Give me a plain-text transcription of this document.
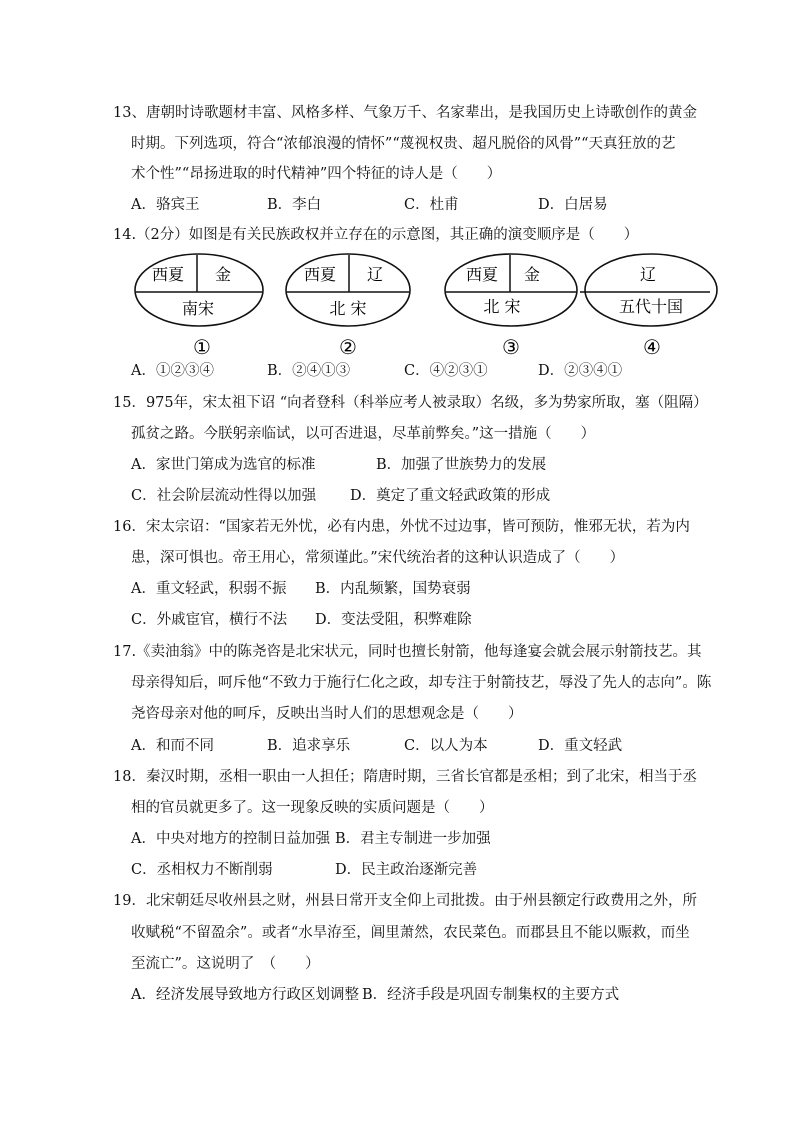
13、唐朝时诗歌题材丰富、风格多样、气象万千、名家辈出，是我国历史上诗歌创作的黄金
时期。下列选项，符合“浓郁浪漫的情怀”“蔑视权贵、超凡脱俗的风骨”“天真狂放的艺
术个性”“昂扬进取的时代精神”四个特征的诗人是（　　）
A．骆宾王	B．李白	C．杜甫	D．白居易
14.（2分）如图是有关民族政权并立存在的示意图，其正确的演变顺序是（　　）
西夏 金
南宋
①
西夏 辽
北 宋
②
西夏 金
北 宋
③
辽
五代十国
④
A．①②③④	B．②④①③	C．④②③①	D．②③④①
15．975年，宋太祖下诏 “向者登科（科举应考人被录取）名级，多为势家所取，塞（阻隔）
孤贫之路。今朕躬亲临试，以可否进退，尽革前弊矣。”这一措施（　　）
A．家世门第成为选官的标准	B．加强了世族势力的发展
C．社会阶层流动性得以加强 D．奠定了重文轻武政策的形成
16．宋太宗诏：“国家若无外忧，必有内患，外忧不过边事，皆可预防，惟邪无状，若为内
患，深可惧也。帝王用心，常须谨此。”宋代统治者的这种认识造成了（　　）
A．重文轻武，积弱不振 B．内乱频繁，国势衰弱
C．外戚宦官，横行不法 D．变法受阻，积弊难除
17.《卖油翁》中的陈尧咨是北宋状元，同时也擅长射箭，他每逢宴会就会展示射箭技艺。其
母亲得知后，呵斥他“不致力于施行仁化之政，却专注于射箭技艺，辱没了先人的志向”。陈
尧咨母亲对他的呵斥，反映出当时人们的思想观念是（　　）
A．和而不同	B．追求享乐	C．以人为本	D．重文轻武
18．秦汉时期，丞相一职由一人担任；隋唐时期，三省长官都是丞相；到了北宋，相当于丞
相的官员就更多了。这一现象反映的实质问题是（　　）
A．中央对地方的控制日益加强 B．君主专制进一步加强
C．丞相权力不断削弱	D．民主政治逐渐完善
19．北宋朝廷尽收州县之财，州县日常开支全仰上司批拨。由于州县额定行政费用之外，所
收赋税“不留盈余”。或者“水旱洊至，阊里萧然，农民菜色。而郡县且不能以赈救，而坐
至流亡”。这说明了　（　　）
A．经济发展导致地方行政区划调整 B．经济手段是巩固专制集权的主要方式
